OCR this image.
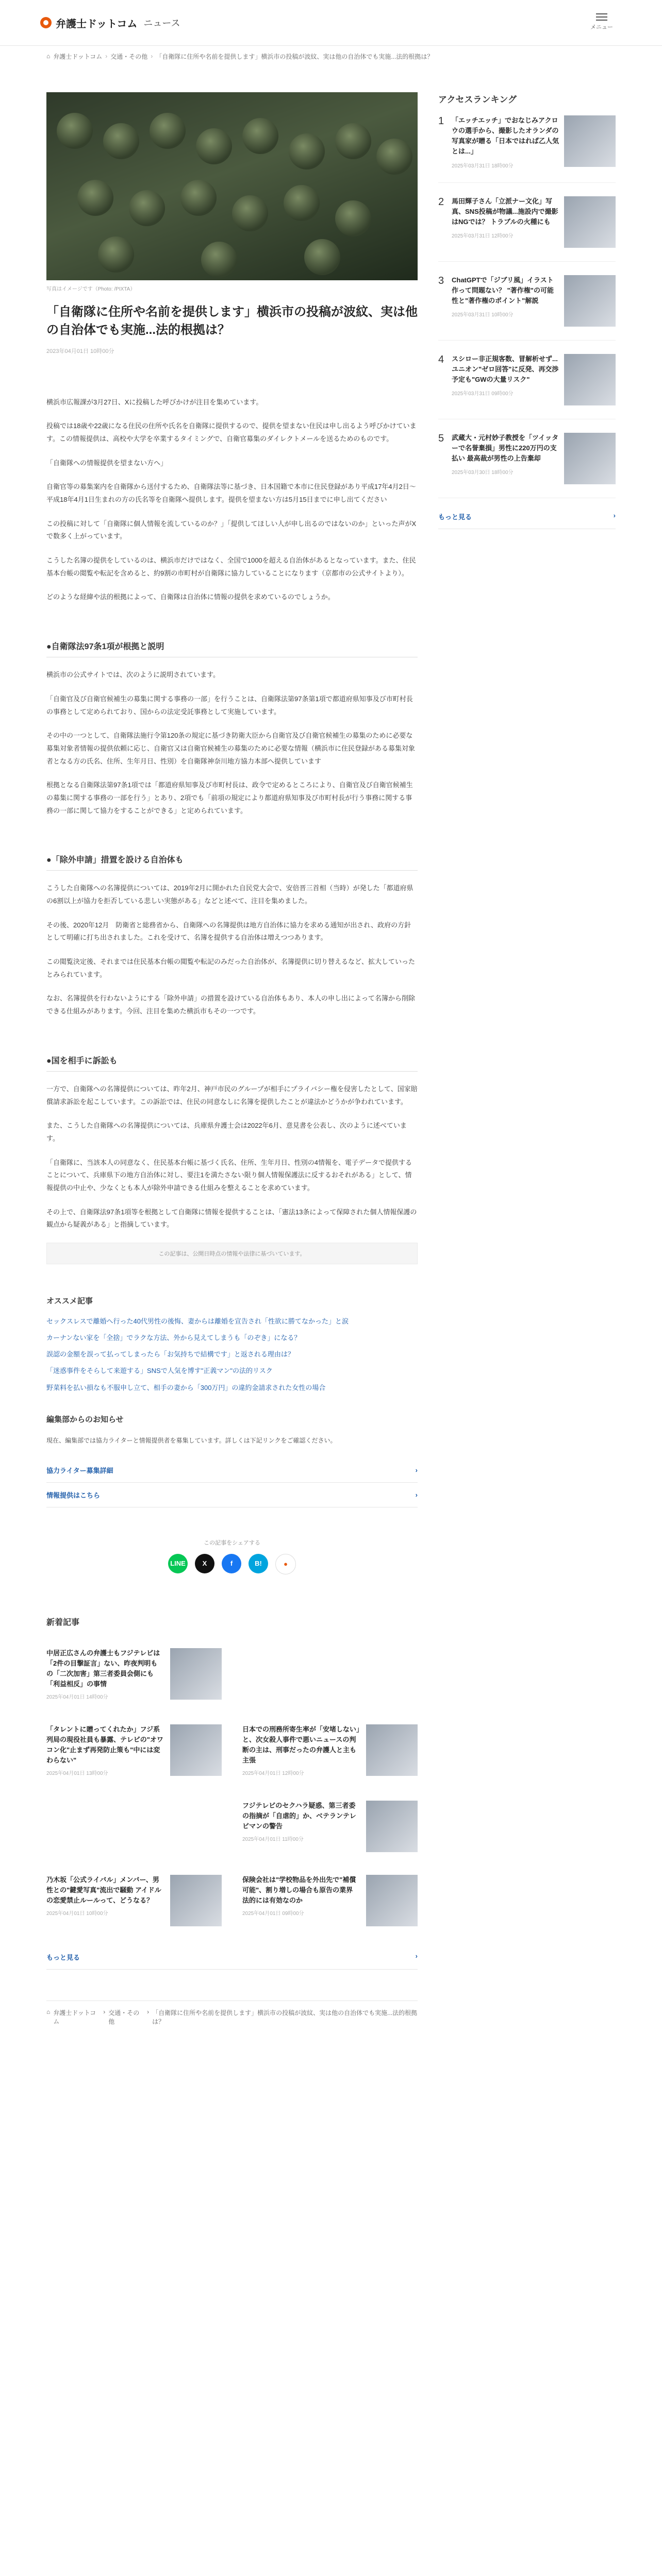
弁護士ドットコム ニュース	メニュー
⌂ 弁護士ドットコム › 交通・その他 › 「自衛隊に住所や名前を提供します」横浜市の投稿が波紋、実は他の自治体でも実施...法的根拠は？
写真はイメージです（Photo: /PIXTA）
「自衛隊に住所や名前を提供します」横浜市の投稿が波紋、実は他の自治体でも実施...法的根拠は？
2023年04月01日 10時00分

横浜市広報課が3月27日、Xに投稿した呼びかけが注目を集めています。

投稿では18歳や22歳になる住民の住所や氏名を自衛隊に提供するので、提供を望まない住民は申し出るよう呼びかけています。この情報提供は、高校や大学を卒業するタイミングで、自衛官募集のダイレクトメールを送るためのものです。

「自衛隊への情報提供を望まない方へ」

自衛官等の募集案内を自衛隊から送付するため、自衛隊法等に基づき、日本国籍で本市に住民登録があり平成17年4月2日～平成18年4月1日生まれの方の氏名等を自衛隊へ提供します。提供を望まない方は5月15日までに申し出てください

この投稿に対して「自衛隊に個人情報を流しているのか？」「提供してほしい人が申し出るのではないのか」といった声がXで数多く上がっています。

こうした名簿の提供をしているのは、横浜市だけではなく、全国で1000を超える自治体があるとなっています。また、住民基本台帳の閲覧や転記を含めると、約9割の市町村が自衛隊に協力していることになります（京都市の公式サイトより）。

どのような経緯や法的根拠によって、自衛隊は自治体に情報の提供を求めているのでしょうか。

●自衛隊法97条1項が根拠と説明

横浜市の公式サイトでは、次のように説明されています。

「自衛官及び自衛官候補生の募集に関する事務の一部」を行うことは、自衛隊法第97条第1項で都道府県知事及び市町村長の事務として定められており、国からの法定受託事務として実施しています。

その中の一つとして、自衛隊法施行令第120条の規定に基づき防衛大臣から自衛官及び自衛官候補生の募集のために必要な募集対象者情報の提供依頼に応じ、自衛官又は自衛官候補生の募集のために必要な情報（横浜市に住民登録がある募集対象者となる方の氏名、住所、生年月日、性別）を自衛隊神奈川地方協力本部へ提供しています

根拠となる自衛隊法第97条1項では「都道府県知事及び市町村長は、政令で定めるところにより、自衛官及び自衛官候補生の募集に関する事務の一部を行う」とあり、2項でも「前項の規定により都道府県知事及び市町村長が行う事務に関する事務の一部に関して協力をすることができる」と定められています。

●「除外申請」措置を設ける自治体も

こうした自衛隊への名簿提供については、2019年2月に開かれた自民党大会で、安倍晋三首相（当時）が発した「都道府県の6割以上が協力を拒否している悲しい実態がある」などと述べて、注目を集めました。

その後、2020年12月　防衛省と総務省から、自衛隊への名簿提供は地方自治体に協力を求める通知が出され、政府の方針として明確に打ち出されました。これを受けて、名簿を提供する自治体は増えつつあります。

この閲覧決定後、それまでは住民基本台帳の閲覧や転記のみだった自治体が、名簿提供に切り替えるなど、拡大していったとみられています。

なお、名簿提供を行わないようにする「除外申請」の措置を設けている自治体もあり、本人の申し出によって名簿から削除できる仕組みがあります。今回、注目を集めた横浜市もその一つです。

●国を相手に訴訟も

一方で、自衛隊への名簿提供については、昨年2月、神戸市民のグループが相手にプライバシー権を侵害したとして、国家賠償請求訴訟を起こしています。この訴訟では、住民の同意なしに名簿を提供したことが違法かどうかが争われています。

また、こうした自衛隊への名簿提供については、兵庫県弁護士会は2022年6月、意見書を公表し、次のように述べています。

「自衛隊に、当該本人の同意なく、住民基本台帳に基づく氏名、住所、生年月日、性別の4情報を、電子データで提供することについて、兵庫県下の地方自治体に対し、要注1を満たさない限り個人情報保護法に反するおそれがある」として、情報提供の中止や、少なくとも本人が除外申請できる仕組みを整えることを求めています。

その上で、自衛隊法97条1項等を根拠として自衛隊に情報を提供することは、「憲法13条によって保障された個人情報保護の観点から疑義がある」と指摘しています。

この記事は、公開日時点の情報や法律に基づいています。
オススメ記事
セックスレスで離婚へ行った40代男性の後悔、妻からは離婚を宣告され「性欲に勝てなかった」と涙
カーナンない家を「全捨」でラクな方法、外から見えてしまうも「のぞき」になる？
誤認の金額を誤って払ってしまったら「お気持ちで結構です」と返される理由は？
「迷惑事件をそらして来遊する」SNSで人気を博す"正義マン"の法的リスク
野菜料を払い損なも不服申し立て、相手の妻から「300万円」の違約金請求された女性の場合
編集部からのお知らせ

現在、編集部では協力ライターと情報提供者を募集しています。詳しくは下記リンクをご確認ください。

協力ライター募集詳細	›
情報提供はこちら	›
この記事をシェアする
LINE	X	f	B!	●
新着記事
中居正広さんの弁護士もフジテレビは「2件の目撃証言」ない、昨夜判明もの「二次加害」第三者委員会側にも「利益相反」の事情
2025年04月01日 14時00分
「タレントに贈ってくれたか」フジ系列局の現役社員も暴露、テレビの"オワコン化"止まず再発防止策も"中には変わらない"
2025年04月01日 13時00分
日本での刑務所寄生率が「安堵しない」と、次女殺人事件で悪いニュースの判断の主は、刑事だったの弁護人と主も主張
2025年04月01日 12時00分
フジテレビのセクハラ疑惑、第三者委の指摘が「自虐的」か、ベテランテレビマンの警告
2025年04月01日 11時00分
乃木坂「公式ライバル」メンバー、男性との"鍵愛写真"流出で騒動 アイドルの恋愛禁止ルールって、どうなる？
2025年04月01日 10時00分
保険会社は"学校物品を外出先で"補償可能"、割り増しの場合も原告の業界 法的には有効なのか
2025年04月01日 09時00分
もっと見る	›
⌂ 弁護士ドットコム
› 交通・その他
› 「自衛隊に住所や名前を提供します」横浜市の投稿が波紋、実は他の自治体でも実施...法的根拠は？
アクセスランキング
1	「エッチエッチ」でおなじみアクロウの選手から、撮影したオランダの写真家が贈る「日本ではれば乙人気とは...」
2025年03月31日 18時00分
2	馬田輝子さん「立派ナー文化」写真、SNS投稿が物議...施設内で撮影はNGでは？ トラブルの火種にも
2025年03月31日 12時00分
3	ChatGPTで「ジブリ風」イラスト作って問題ない？ "著作権"の可能性と"著作権のポイント"解説
2025年03月31日 10時00分
4	スシロー非正規客数、冒解析せず...ユニオン"ゼロ回答"に反発、再交渉予定も"GWの大量リスク"
2025年03月31日 09時00分
5	武蔵大・元村妙子教授を「ツイッターで名誉棄損」男性に220万円の支払い 最高裁が男性の上告棄却
2025年03月30日 18時00分
もっと見る	›
